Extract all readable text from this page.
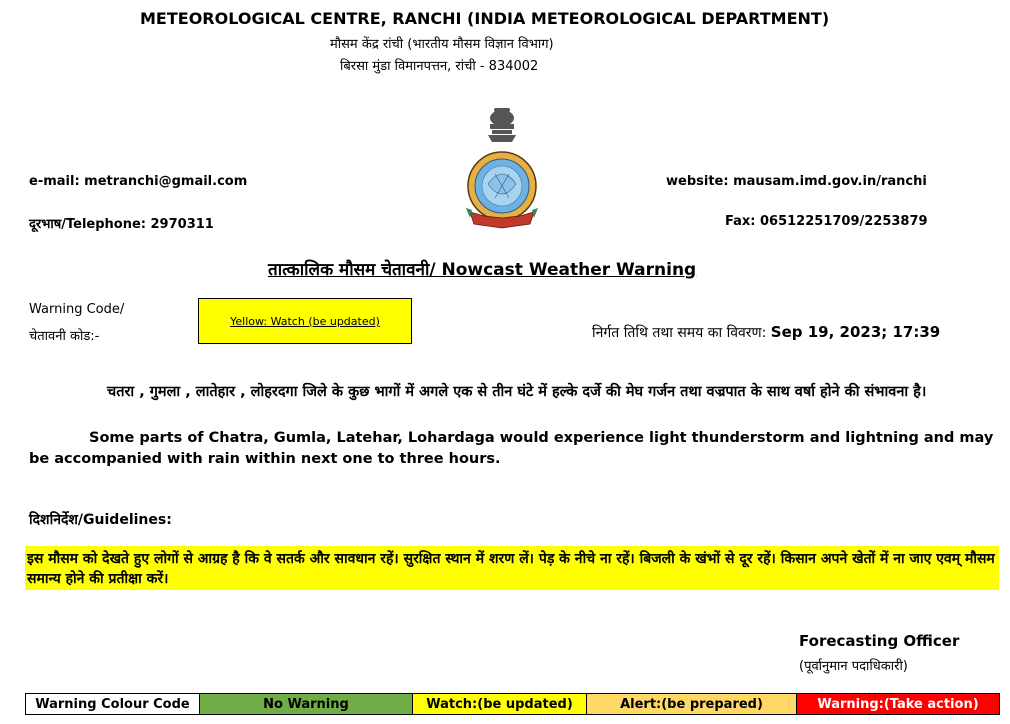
METEOROLOGICAL CENTRE, RANCHI (INDIA METEOROLOGICAL DEPARTMENT)
मौसम केंद्र रांची (भारतीय मौसम विज्ञान विभाग)
बिरसा मुंडा विमानपत्तन, रांची - 834002
e-mail: metranchi@gmail.com	website: mausam.imd.gov.in/ranchi
दूरभाष/Telephone: 2970311	Fax: 06512251709/2253879
तात्कालिक मौसम चेतावनी/ Nowcast Weather Warning
Warning Code/
चेतावनी कोड:-
Yellow: Watch (be updated)
निर्गत तिथि तथा समय का विवरण: Sep 19, 2023; 17:39
चतरा , गुमला , लातेहार , लोहरदगा जिले के कुछ भागों में अगले एक से तीन घंटे में हल्के दर्जे की मेघ गर्जन तथा वज्रपात के साथ वर्षा होने की संभावना है।
Some parts of Chatra, Gumla, Latehar, Lohardaga would experience light thunderstorm and lightning and may be accompanied with rain within next one to three hours.
दिशनिर्देश/Guidelines:
इस मौसम को देखते हुए लोगों से आग्रह है कि वे सतर्क और सावधान रहें। सुरक्षित स्थान में शरण लें। पेड़ के नीचे ना रहें। बिजली के खंभों से दूर रहें। किसान अपने खेतों में ना जाए एवम् मौसम समान्य होने की प्रतीक्षा करें।
Forecasting Officer
(पूर्वानुमान पदाधिकारी)
Warning Colour Code	No Warning	Watch:(be updated)	Alert:(be prepared)	Warning:(Take action)
